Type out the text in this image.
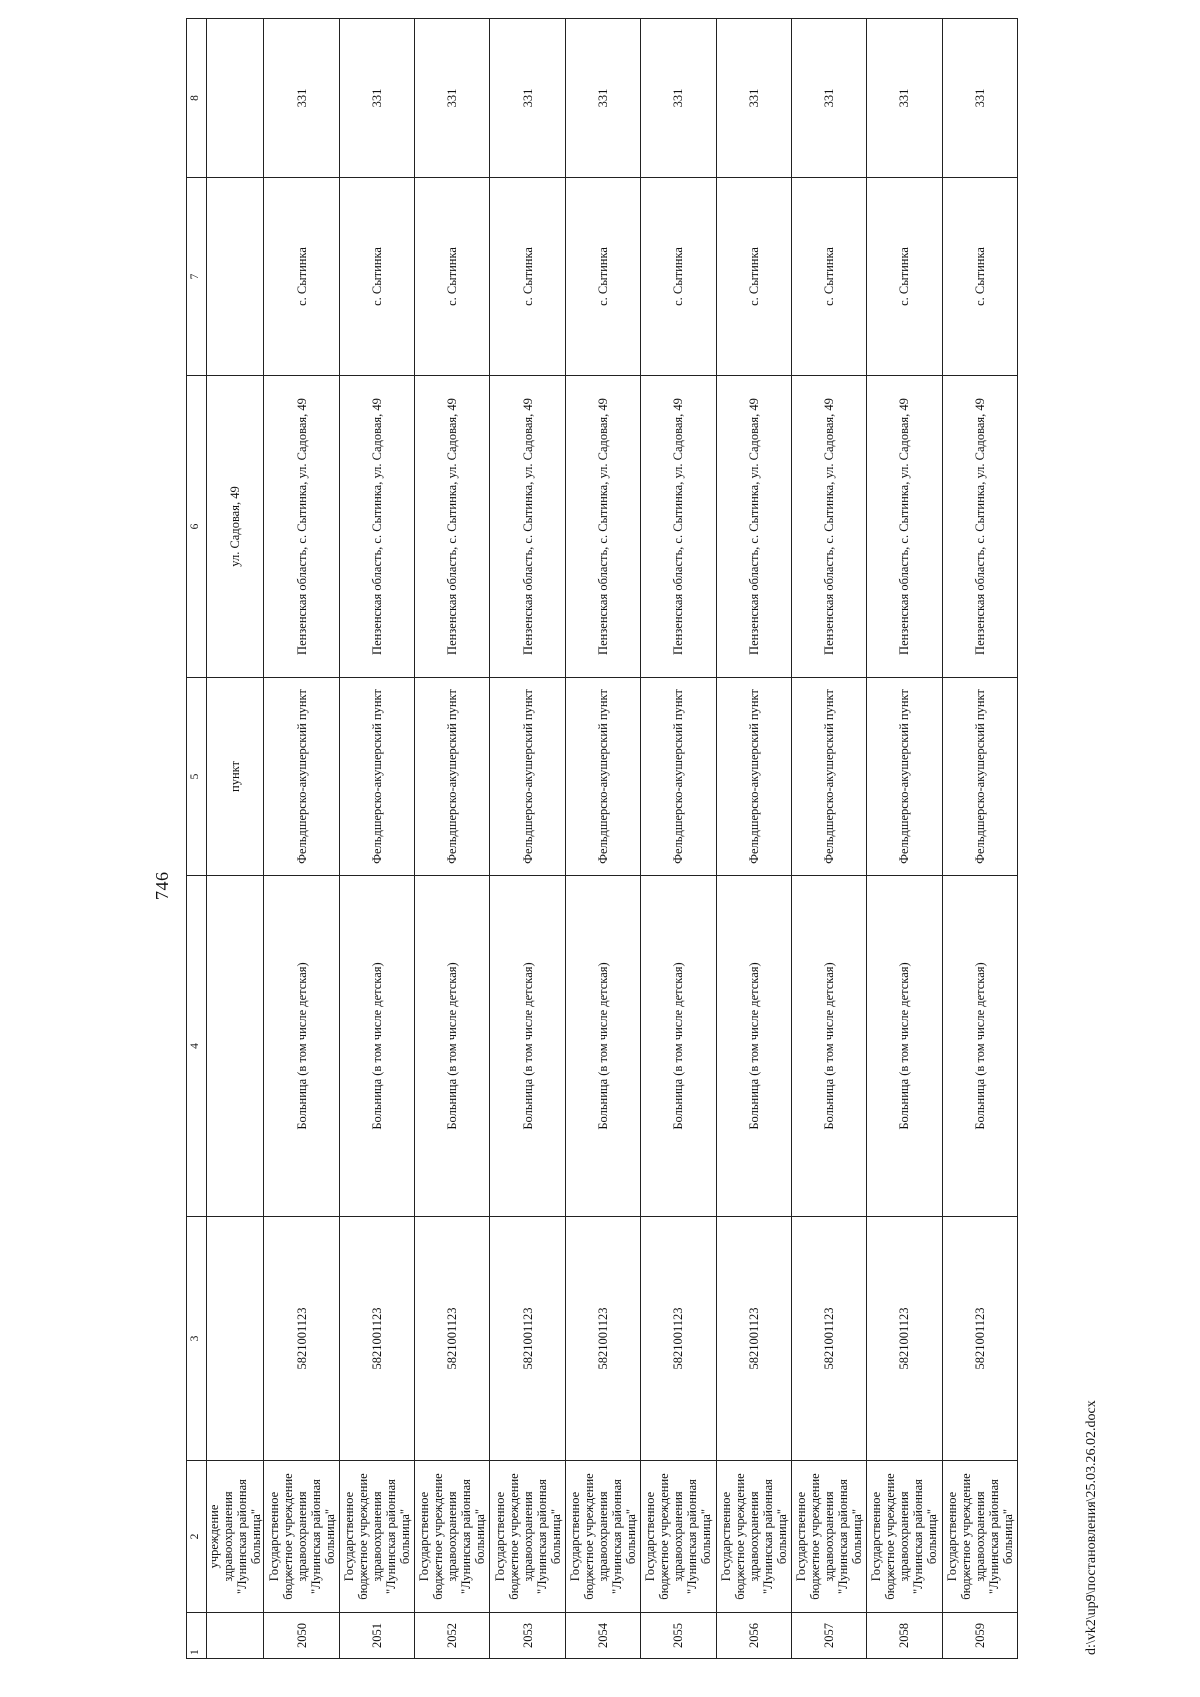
746
1	2	3	4	5	6	7	8
	учреждение здравоохранения "Лунинская районная больница"			пункт	ул. Садовая, 49		
2050	Государственное бюджетное учреждение здравоохранения "Лунинская районная больница"	5821001123	Больница (в том числе детская)	Фельдшерско-акушерский пункт	Пензенская область, с. Сытинка, ул. Садовая, 49	с. Сытинка	331
2051	Государственное бюджетное учреждение здравоохранения "Лунинская районная больница"	5821001123	Больница (в том числе детская)	Фельдшерско-акушерский пункт	Пензенская область, с. Сытинка, ул. Садовая, 49	с. Сытинка	331
2052	Государственное бюджетное учреждение здравоохранения "Лунинская районная больница"	5821001123	Больница (в том числе детская)	Фельдшерско-акушерский пункт	Пензенская область, с. Сытинка, ул. Садовая, 49	с. Сытинка	331
2053	Государственное бюджетное учреждение здравоохранения "Лунинская районная больница"	5821001123	Больница (в том числе детская)	Фельдшерско-акушерский пункт	Пензенская область, с. Сытинка, ул. Садовая, 49	с. Сытинка	331
2054	Государственное бюджетное учреждение здравоохранения "Лунинская районная больница"	5821001123	Больница (в том числе детская)	Фельдшерско-акушерский пункт	Пензенская область, с. Сытинка, ул. Садовая, 49	с. Сытинка	331
2055	Государственное бюджетное учреждение здравоохранения "Лунинская районная больница"	5821001123	Больница (в том числе детская)	Фельдшерско-акушерский пункт	Пензенская область, с. Сытинка, ул. Садовая, 49	с. Сытинка	331
2056	Государственное бюджетное учреждение здравоохранения "Лунинская районная больница"	5821001123	Больница (в том числе детская)	Фельдшерско-акушерский пункт	Пензенская область, с. Сытинка, ул. Садовая, 49	с. Сытинка	331
2057	Государственное бюджетное учреждение здравоохранения "Лунинская районная больница"	5821001123	Больница (в том числе детская)	Фельдшерско-акушерский пункт	Пензенская область, с. Сытинка, ул. Садовая, 49	с. Сытинка	331
2058	Государственное бюджетное учреждение здравоохранения "Лунинская районная больница"	5821001123	Больница (в том числе детская)	Фельдшерско-акушерский пункт	Пензенская область, с. Сытинка, ул. Садовая, 49	с. Сытинка	331
2059	Государственное бюджетное учреждение здравоохранения "Лунинская районная больница"	5821001123	Больница (в том числе детская)	Фельдшерско-акушерский пункт	Пензенская область, с. Сытинка, ул. Садовая, 49	с. Сытинка	331
d:\vk2\up9\постановления\25.03.26.02.docx
